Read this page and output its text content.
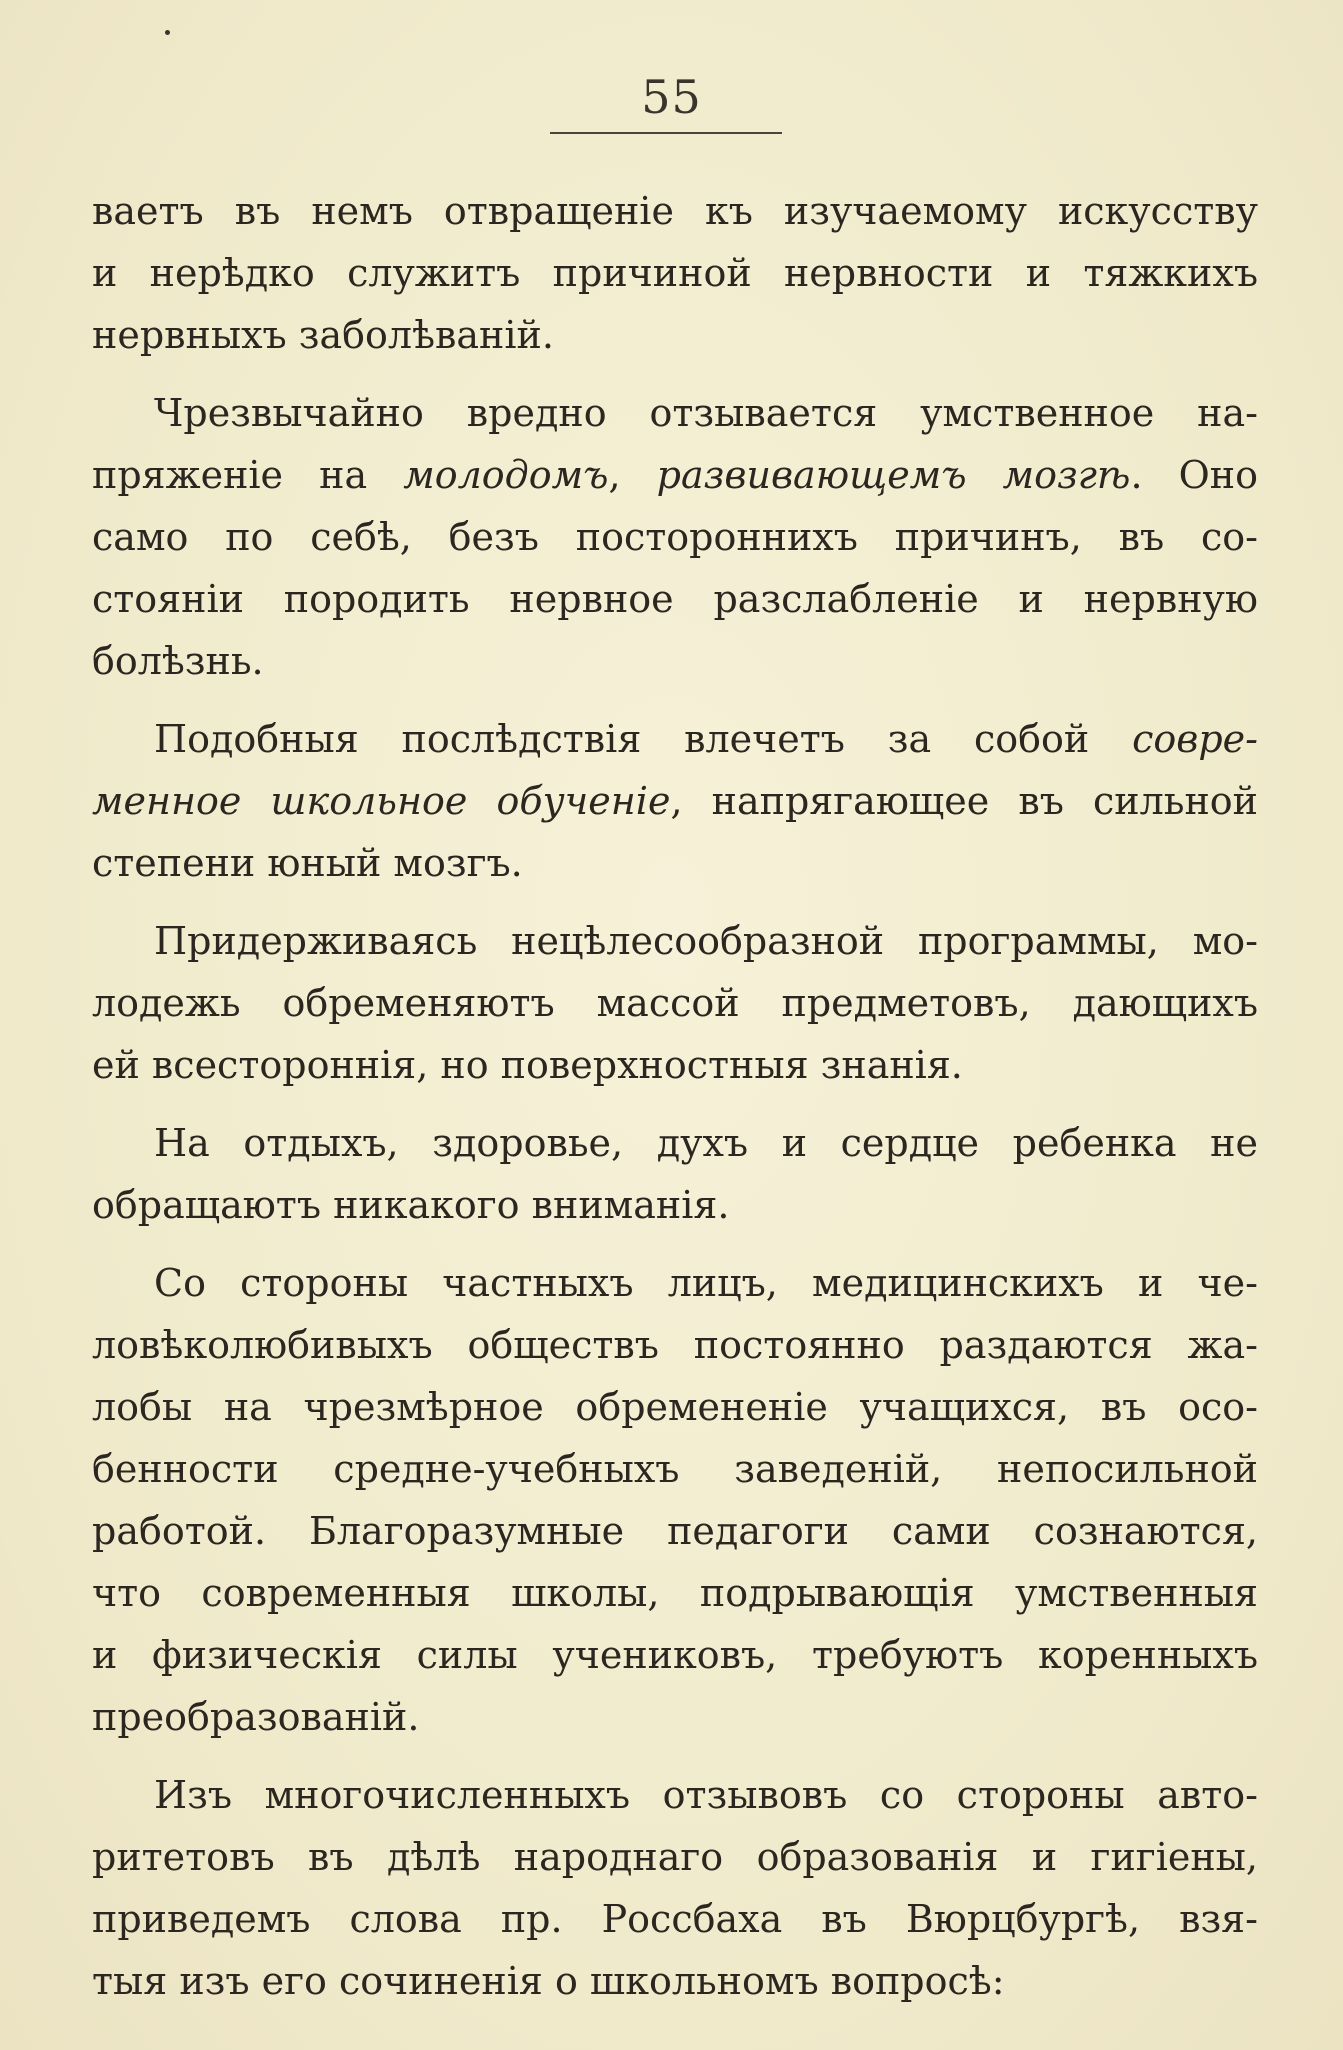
55
ваетъ въ немъ отвращеніе къ изучаемому искусству
и нерѣдко служитъ причиной нервности и тяжкихъ
нервныхъ заболѣваній.
Чрезвычайно вредно отзывается умственное на-
пряженіе на молодомъ, развивающемъ мозгѣ. Оно
само по себѣ, безъ постороннихъ причинъ, въ со-
стояніи породить нервное разслабленіе и нервную
болѣзнь.
Подобныя послѣдствія влечетъ за собой совре-
менное школьное обученіе, напрягающее въ сильной
степени юный мозгъ.
Придерживаясь нецѣлесообразной программы, мо-
лодежь обременяютъ массой предметовъ, дающихъ
ей всестороннія, но поверхностныя знанія.
На отдыхъ, здоровье, духъ и сердце ребенка не
обращаютъ никакого вниманія.
Со стороны частныхъ лицъ, медицинскихъ и че-
ловѣколюбивыхъ обществъ постоянно раздаются жа-
лобы на чрезмѣрное обремененіе учащихся, въ осо-
бенности средне-учебныхъ заведеній, непосильной
работой. Благоразумные педагоги сами сознаются,
что современныя школы, подрывающія умственныя
и физическія силы учениковъ, требуютъ коренныхъ
преобразованій.
Изъ многочисленныхъ отзывовъ со стороны авто-
ритетовъ въ дѣлѣ народнаго образованія и гигіены,
приведемъ слова пр. Россбаха въ Вюрцбургѣ, взя-
тыя изъ его сочиненія о школьномъ вопросѣ:
